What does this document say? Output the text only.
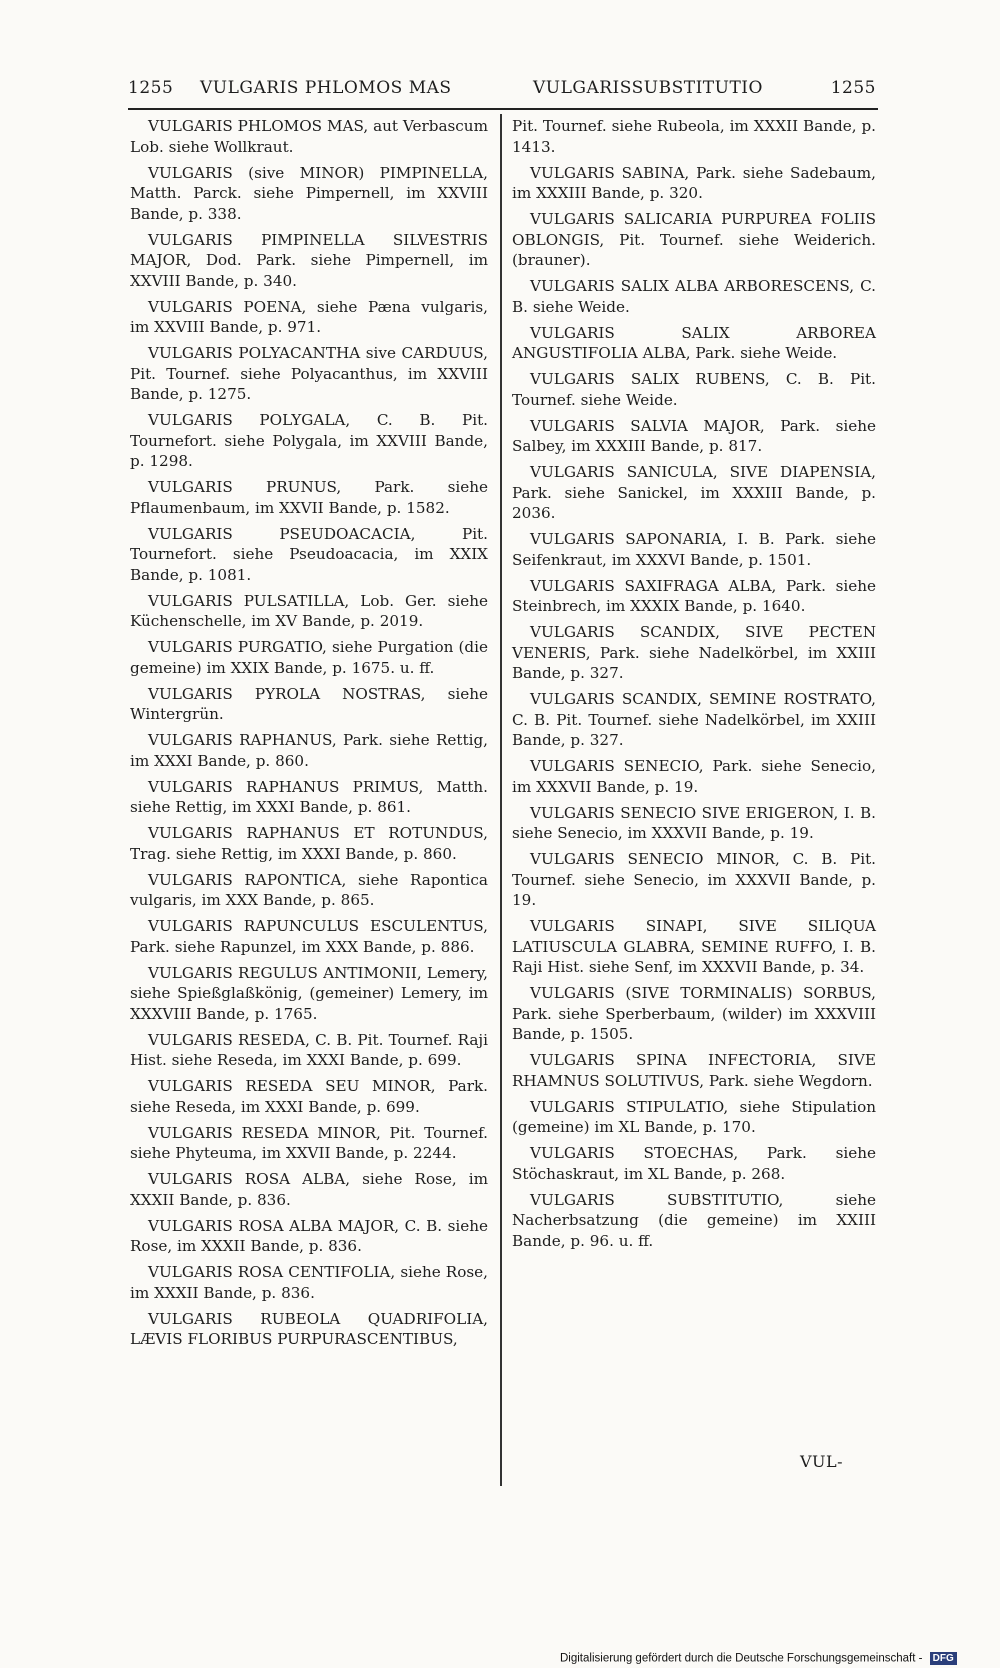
1255 VULGARIS PHLOMOS MAS	VULGARISSUBSTITUTIO	1255

VULGARIS PHLOMOS MAS, aut Verbascum Lob. siehe Wollkraut.

VULGARIS (sive MINOR) PIMPINELLA, Matth. Parck. siehe Pimpernell, im XXVIII Bande, p. 338.

VULGARIS PIMPINELLA SILVESTRIS MAJOR, Dod. Park. siehe Pimpernell, im XXVIII Bande, p. 340.

VULGARIS POENA, siehe Pæna vulgaris, im XXVIII Bande, p. 971.

VULGARIS POLYACANTHA sive CARDUUS, Pit. Tournef. siehe Polyacanthus, im XXVIII Bande, p. 1275.

VULGARIS POLYGALA, C. B. Pit. Tournefort. siehe Polygala, im XXVIII Bande, p. 1298.

VULGARIS PRUNUS, Park. siehe Pflaumenbaum, im XXVII Bande, p. 1582.

VULGARIS PSEUDOACACIA, Pit. Tournefort. siehe Pseudoacacia, im XXIX Bande, p. 1081.

VULGARIS PULSATILLA, Lob. Ger. siehe Küchenschelle, im XV Bande, p. 2019.

VULGARIS PURGATIO, siehe Purgation (die gemeine) im XXIX Bande, p. 1675. u. ff.

VULGARIS PYROLA NOSTRAS, siehe Wintergrün.

VULGARIS RAPHANUS, Park. siehe Rettig, im XXXI Bande, p. 860.

VULGARIS RAPHANUS PRIMUS, Matth. siehe Rettig, im XXXI Bande, p. 861.

VULGARIS RAPHANUS ET ROTUNDUS, Trag. siehe Rettig, im XXXI Bande, p. 860.

VULGARIS RAPONTICA, siehe Rapontica vulgaris, im XXX Bande, p. 865.

VULGARIS RAPUNCULUS ESCULENTUS, Park. siehe Rapunzel, im XXX Bande, p. 886.

VULGARIS REGULUS ANTIMONII, Lemery, siehe Spießglaßkönig, (gemeiner) Lemery, im XXXVIII Bande, p. 1765.

VULGARIS RESEDA, C. B. Pit. Tournef. Raji Hist. siehe Reseda, im XXXI Bande, p. 699.

VULGARIS RESEDA SEU MINOR, Park. siehe Reseda, im XXXI Bande, p. 699.

VULGARIS RESEDA MINOR, Pit. Tournef. siehe Phyteuma, im XXVII Bande, p. 2244.

VULGARIS ROSA ALBA, siehe Rose, im XXXII Bande, p. 836.

VULGARIS ROSA ALBA MAJOR, C. B. siehe Rose, im XXXII Bande, p. 836.

VULGARIS ROSA CENTIFOLIA, siehe Rose, im XXXII Bande, p. 836.

VULGARIS RUBEOLA QUADRIFOLIA, LÆVIS FLORIBUS PURPURASCENTIBUS,

Pit. Tournef. siehe Rubeola, im XXXII Bande, p. 1413.

VULGARIS SABINA, Park. siehe Sadebaum, im XXXIII Bande, p. 320.

VULGARIS SALICARIA PURPUREA FOLIIS OBLONGIS, Pit. Tournef. siehe Weiderich. (brauner).

VULGARIS SALIX ALBA ARBORESCENS, C. B. siehe Weide.

VULGARIS SALIX ARBOREA ANGUSTIFOLIA ALBA, Park. siehe Weide.

VULGARIS SALIX RUBENS, C. B. Pit. Tournef. siehe Weide.

VULGARIS SALVIA MAJOR, Park. siehe Salbey, im XXXIII Bande, p. 817.

VULGARIS SANICULA, SIVE DIAPENSIA, Park. siehe Sanickel, im XXXIII Bande, p. 2036.

VULGARIS SAPONARIA, I. B. Park. siehe Seifenkraut, im XXXVI Bande, p. 1501.

VULGARIS SAXIFRAGA ALBA, Park. siehe Steinbrech, im XXXIX Bande, p. 1640.

VULGARIS SCANDIX, SIVE PECTEN VENERIS, Park. siehe Nadelkörbel, im XXIII Bande, p. 327.

VULGARIS SCANDIX, SEMINE ROSTRATO, C. B. Pit. Tournef. siehe Nadelkörbel, im XXIII Bande, p. 327.

VULGARIS SENECIO, Park. siehe Senecio, im XXXVII Bande, p. 19.

VULGARIS SENECIO SIVE ERIGERON, I. B. siehe Senecio, im XXXVII Bande, p. 19.

VULGARIS SENECIO MINOR, C. B. Pit. Tournef. siehe Senecio, im XXXVII Bande, p. 19.

VULGARIS SINAPI, SIVE SILIQUA LATIUSCULA GLABRA, SEMINE RUFFO, I. B. Raji Hist. siehe Senf, im XXXVII Bande, p. 34.

VULGARIS (SIVE TORMINALIS) SORBUS, Park. siehe Sperberbaum, (wilder) im XXXVIII Bande, p. 1505.

VULGARIS SPINA INFECTORIA, SIVE RHAMNUS SOLUTIVUS, Park. siehe Wegdorn.

VULGARIS STIPULATIO, siehe Stipulation (gemeine) im XL Bande, p. 170.

VULGARIS STOECHAS, Park. siehe Stöchaskraut, im XL Bande, p. 268.

VULGARIS SUBSTITUTIO, siehe Nacherbsatzung (die gemeine) im XXIII Bande, p. 96. u. ff.

VUL-
Digitalisierung gefördert durch die Deutsche Forschungsgemeinschaft - DFG
